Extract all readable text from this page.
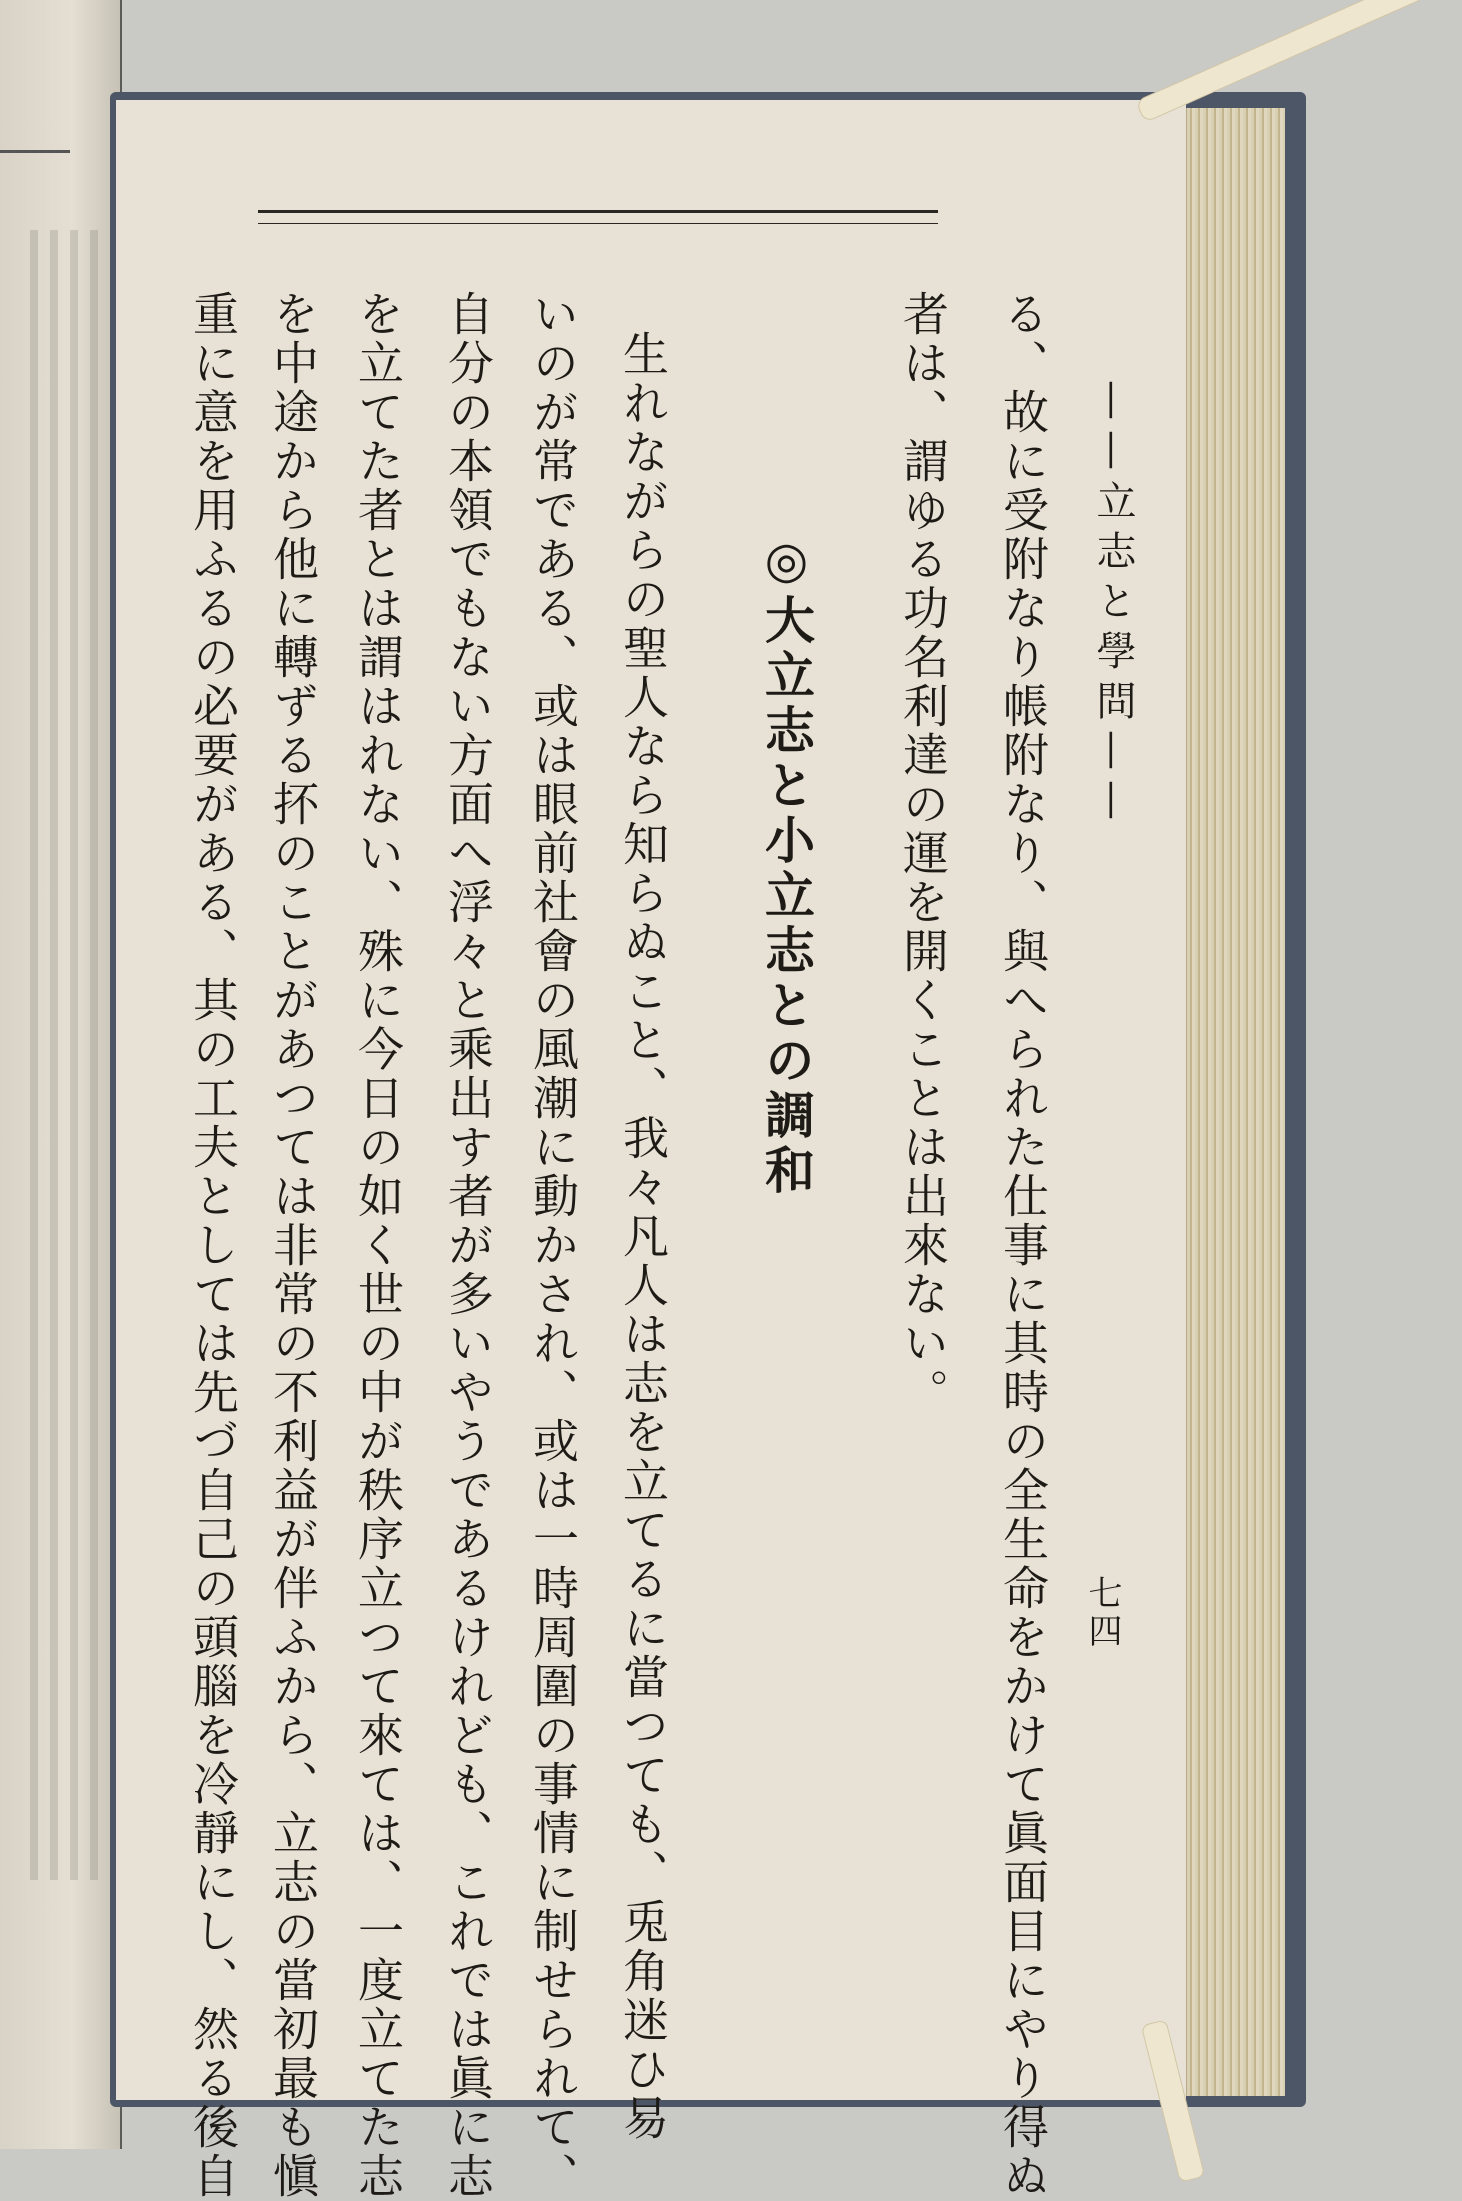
——立志と學問——
七四
る、故に受附なり帳附なり、與へられた仕事に其時の全生命をかけて眞面目にやり得ぬ
者は、謂ゆる功名利達の運を開くことは出來ない。
◎大立志と小立志との調和
生れながらの聖人なら知らぬこと、我々凡人は志を立てるに當つても、兎角迷ひ易
いのが常である、或は眼前社會の風潮に動かされ、或は一時周圍の事情に制せられて、
自分の本領でもない方面へ浮々と乘出す者が多いやうであるけれども、これでは眞に志
を立てた者とは謂はれない、殊に今日の如く世の中が秩序立つて來ては、一度立てた志
を中途から他に轉ずる抔のことがあつては非常の不利益が伴ふから、立志の當初最も愼
重に意を用ふるの必要がある、其の工夫としては先づ自己の頭腦を冷靜にし、然る後自
